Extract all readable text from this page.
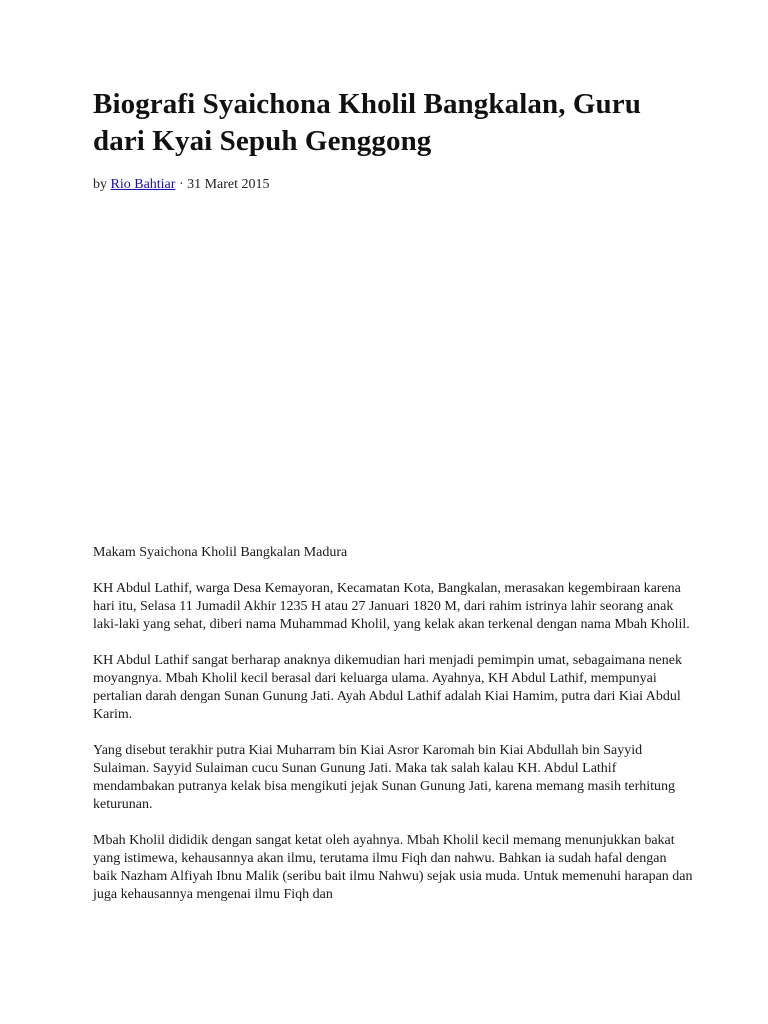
Biografi Syaichona Kholil Bangkalan, Guru dari Kyai Sepuh Genggong
by Rio Bahtiar · 31 Maret 2015

Makam Syaichona Kholil Bangkalan Madura

KH Abdul Lathif, warga Desa Kemayoran, Kecamatan Kota, Bangkalan, merasakan kegembiraan karena hari itu, Selasa 11 Jumadil Akhir 1235 H atau 27 Januari 1820 M, dari rahim istrinya lahir seorang anak laki-laki yang sehat, diberi nama Muhammad Kholil, yang kelak akan terkenal dengan nama Mbah Kholil.

KH Abdul Lathif sangat berharap anaknya dikemudian hari menjadi pemimpin umat, sebagaimana nenek moyangnya. Mbah Kholil kecil berasal dari keluarga ulama. Ayahnya, KH Abdul Lathif, mempunyai pertalian darah dengan Sunan Gunung Jati. Ayah Abdul Lathif adalah Kiai Hamim, putra dari Kiai Abdul Karim.

Yang disebut terakhir putra Kiai Muharram bin Kiai Asror Karomah bin Kiai Abdullah bin Sayyid Sulaiman. Sayyid Sulaiman cucu Sunan Gunung Jati. Maka tak salah kalau KH. Abdul Lathif mendambakan putranya kelak bisa mengikuti jejak Sunan Gunung Jati, karena memang masih terhitung keturunan.

Mbah Kholil dididik dengan sangat ketat oleh ayahnya. Mbah Kholil kecil memang menunjukkan bakat yang istimewa, kehausannya akan ilmu, terutama ilmu Fiqh dan nahwu. Bahkan ia sudah hafal dengan baik Nazham Alfiyah Ibnu Malik (seribu bait ilmu Nahwu) sejak usia muda. Untuk memenuhi harapan dan juga kehausannya mengenai ilmu Fiqh dan
